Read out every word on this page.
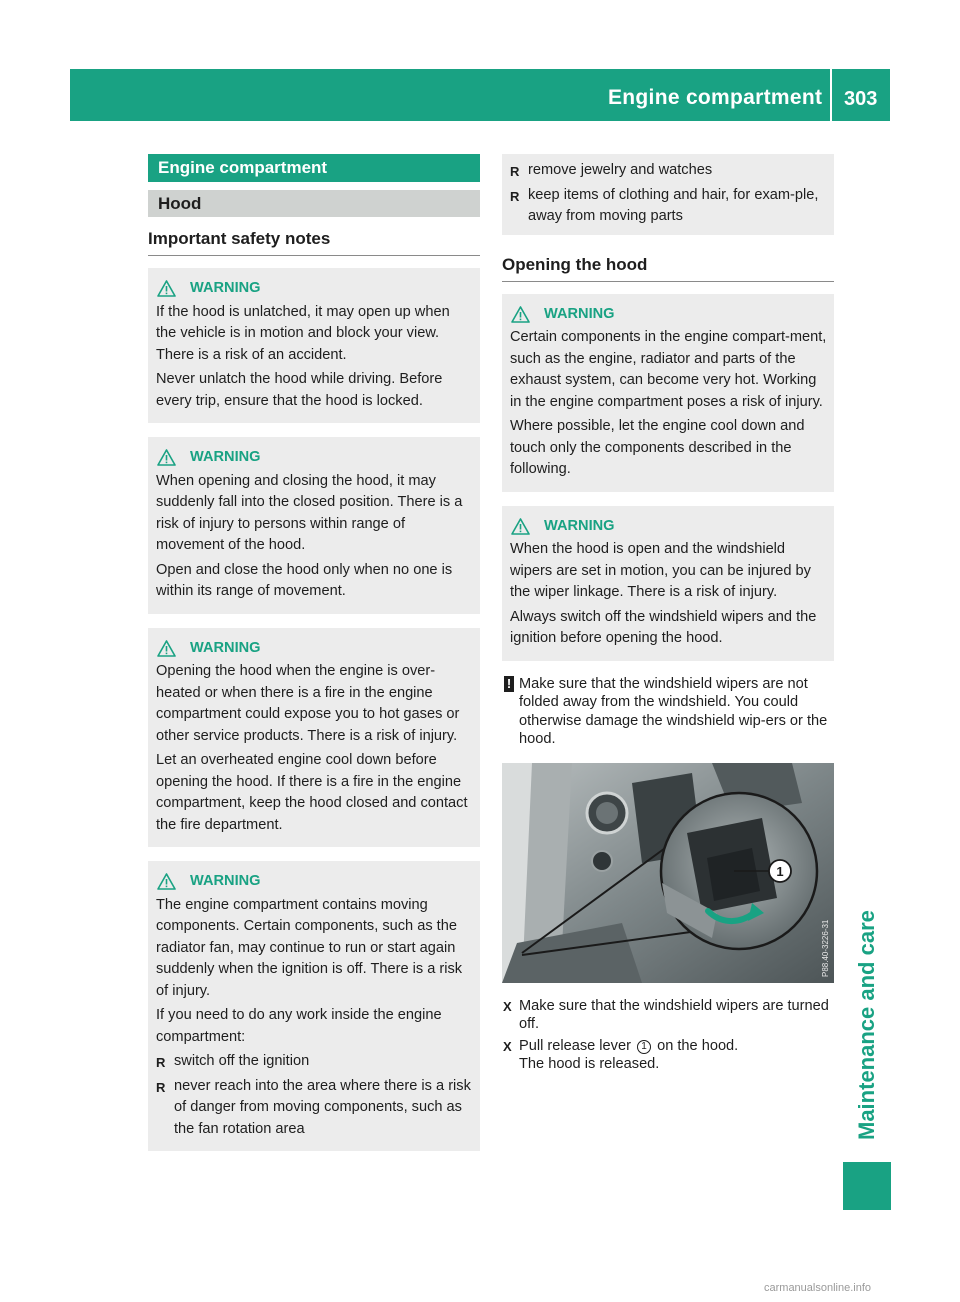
Engine compartment 303
Maintenance and care
Engine compartment
Hood
Important safety notes
WARNING

If the hood is unlatched, it may open up when the vehicle is in motion and block your view. There is a risk of an accident.

Never unlatch the hood while driving. Before every trip, ensure that the hood is locked.

WARNING

When opening and closing the hood, it may suddenly fall into the closed position. There is a risk of injury to persons within range of movement of the hood.

Open and close the hood only when no one is within its range of movement.

WARNING

Opening the hood when the engine is over-heated or when there is a fire in the engine compartment could expose you to hot gases or other service products. There is a risk of injury.

Let an overheated engine cool down before opening the hood. If there is a fire in the engine compartment, keep the hood closed and contact the fire department.

WARNING

The engine compartment contains moving components. Certain components, such as the radiator fan, may continue to run or start again suddenly when the ignition is off. There is a risk of injury.

If you need to do any work inside the engine compartment:

R switch off the ignition
R never reach into the area where there is a risk of danger from moving components, such as the fan rotation area
R remove jewelry and watches
R keep items of clothing and hair, for exam-ple, away from moving parts
Opening the hood
WARNING

Certain components in the engine compart-ment, such as the engine, radiator and parts of the exhaust system, can become very hot. Working in the engine compartment poses a risk of injury.

Where possible, let the engine cool down and touch only the components described in the following.

WARNING

When the hood is open and the windshield wipers are set in motion, you can be injured by the wiper linkage. There is a risk of injury.

Always switch off the windshield wipers and the ignition before opening the hood.

! Make sure that the windshield wipers are not folded away from the windshield. You could otherwise damage the windshield wip-ers or the hood.
1
P88.40-3226-31
X Make sure that the windshield wipers are turned off.
X Pull release lever 1 on the hood.
The hood is released.
carmanualsonline.info
